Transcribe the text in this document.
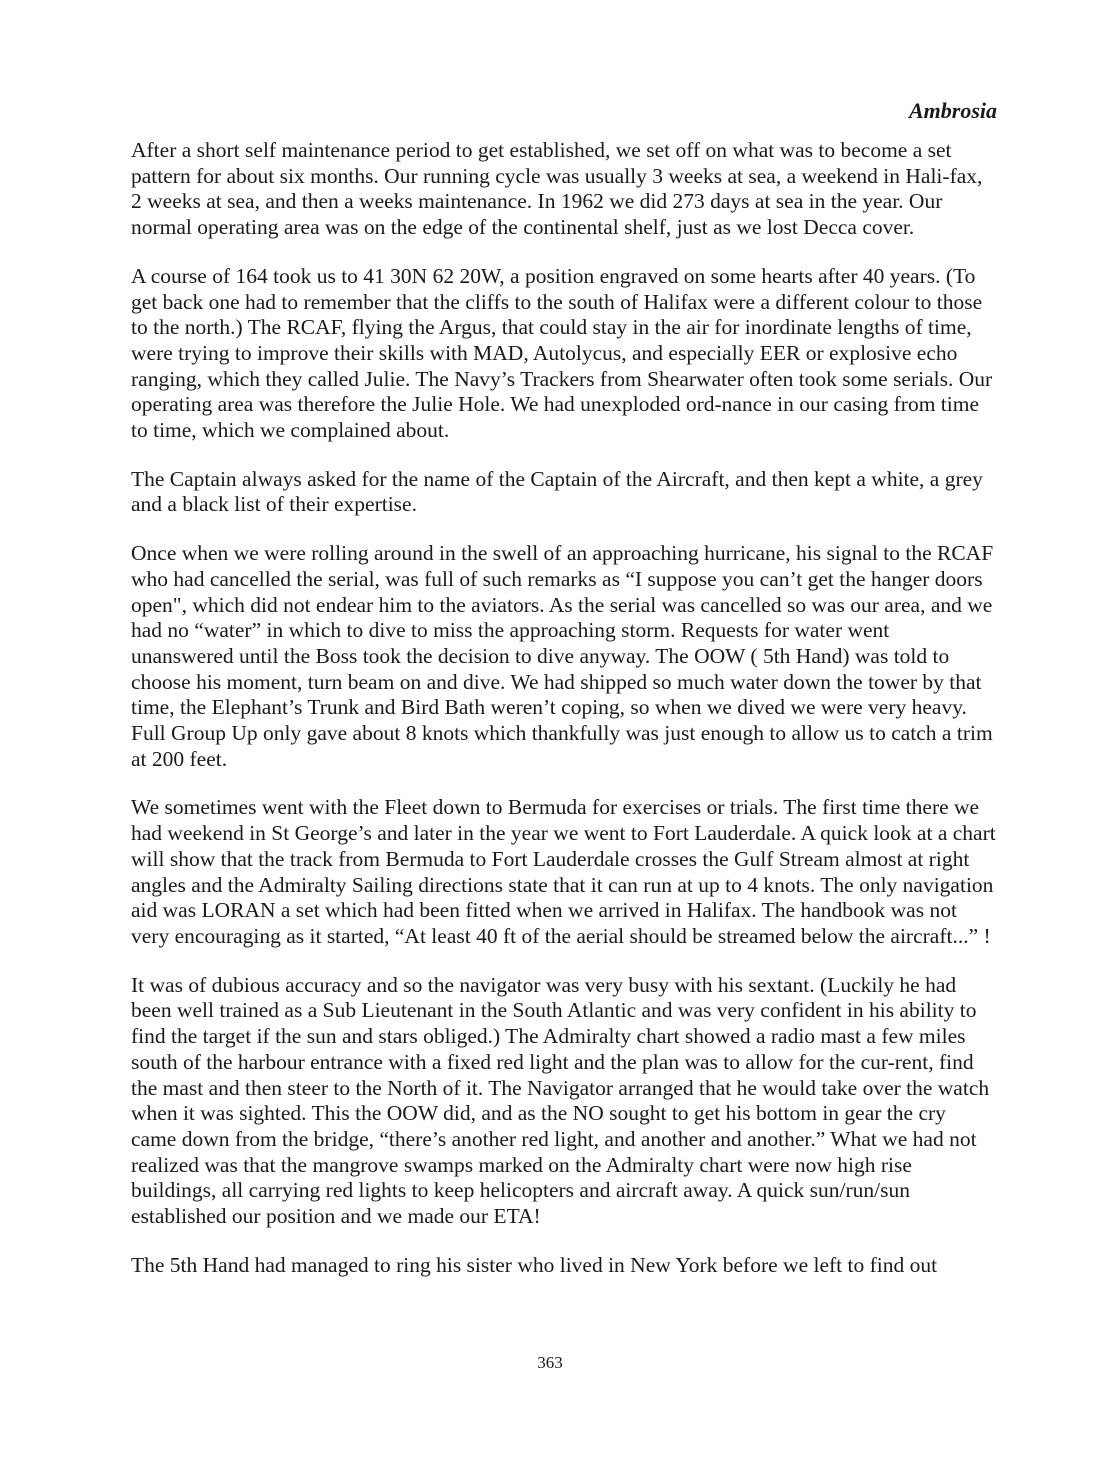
Ambrosia

After a short self maintenance period to get established, we set off on what was to become a set pattern for about six months. Our running cycle was usually 3 weeks at sea, a weekend in Hali-fax, 2 weeks at sea, and then a weeks maintenance. In 1962 we did 273 days at sea in the year. Our normal operating area was on the edge of the continental shelf, just as we lost Decca cover.

A course of 164 took us to 41 30N 62 20W, a position engraved on some hearts after 40 years. (To get back one had to remember that the cliffs to the south of Halifax were a different colour to those to the north.) The RCAF, flying the Argus, that could stay in the air for inordinate lengths of time, were trying to improve their skills with MAD, Autolycus, and especially EER or explosive echo ranging, which they called Julie. The Navy’s Trackers from Shearwater often took some serials. Our operating area was therefore the Julie Hole. We had unexploded ord-nance in our casing from time to time, which we complained about.

The Captain always asked for the name of the Captain of the Aircraft, and then kept a white, a grey and a black list of their expertise.

Once when we were rolling around in the swell of an approaching hurricane, his signal to the RCAF who had cancelled the serial, was full of such remarks as “I suppose you can’t get the hanger doors open", which did not endear him to the aviators. As the serial was cancelled so was our area, and we had no “water” in which to dive to miss the approaching storm. Requests for water went unanswered until the Boss took the decision to dive anyway. The OOW ( 5th Hand) was told to choose his moment, turn beam on and dive. We had shipped so much water down the tower by that time, the Elephant’s Trunk and Bird Bath weren’t coping, so when we dived we were very heavy. Full Group Up only gave about 8 knots which thankfully was just enough to allow us to catch a trim at 200 feet.

We sometimes went with the Fleet down to Bermuda for exercises or trials. The first time there we had weekend in St George’s and later in the year we went to Fort Lauderdale. A quick look at a chart will show that the track from Bermuda to Fort Lauderdale crosses the Gulf Stream almost at right angles and the Admiralty Sailing directions state that it can run at up to 4 knots. The only navigation aid was LORAN a set which had been fitted when we arrived in Halifax. The handbook was not very encouraging as it started, “At least 40 ft of the aerial should be streamed below the aircraft...” !

It was of dubious accuracy and so the navigator was very busy with his sextant. (Luckily he had been well trained as a Sub Lieutenant in the South Atlantic and was very confident in his ability to find the target if the sun and stars obliged.) The Admiralty chart showed a radio mast a few miles south of the harbour entrance with a fixed red light and the plan was to allow for the cur-rent, find the mast and then steer to the North of it. The Navigator arranged that he would take over the watch when it was sighted. This the OOW did, and as the NO sought to get his bottom in gear the cry came down from the bridge, “there’s another red light, and another and another.” What we had not realized was that the mangrove swamps marked on the Admiralty chart were now high rise buildings, all carrying red lights to keep helicopters and aircraft away. A quick sun/run/sun established our position and we made our ETA!

The 5th Hand had managed to ring his sister who lived in New York before we left to find out

363
